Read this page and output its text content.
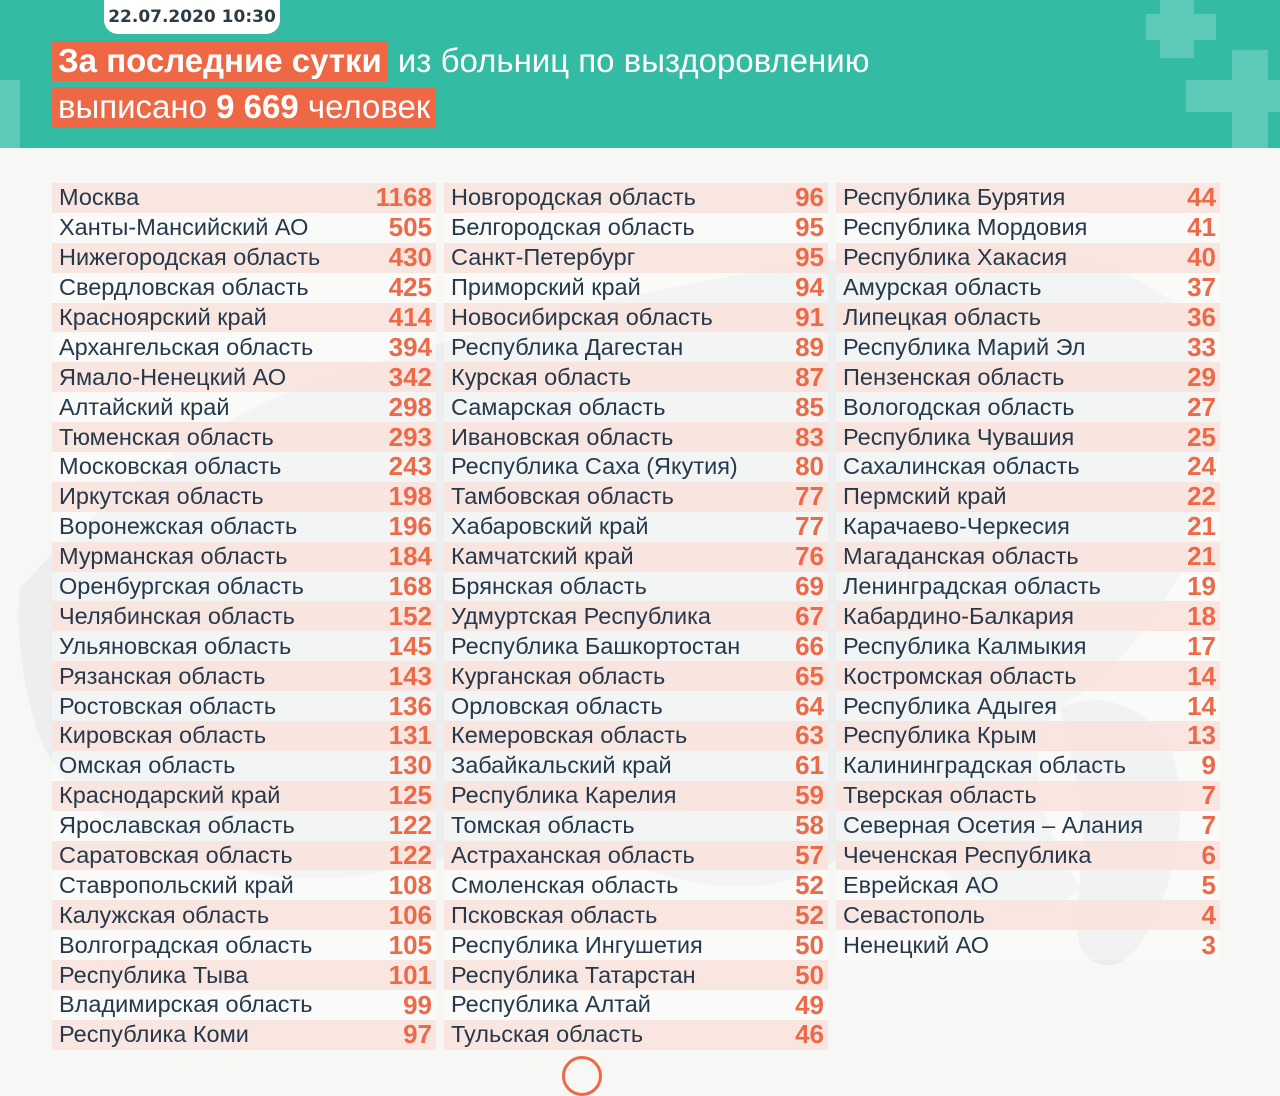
22.07.2020 10:30
За последние сутки из больниц по выздоровлению
выписано 9 669 человек
Москва	1168
Ханты-Мансийский АО	505
Нижегородская область	430
Свердловская область	425
Красноярский край	414
Архангельская область	394
Ямало-Ненецкий АО	342
Алтайский край	298
Тюменская область	293
Московская область	243
Иркутская область	198
Воронежская область	196
Мурманская область	184
Оренбургская область	168
Челябинская область	152
Ульяновская область	145
Рязанская область	143
Ростовская область	136
Кировская область	131
Омская область	130
Краснодарский край	125
Ярославская область	122
Саратовская область	122
Ставропольский край	108
Калужская область	106
Волгоградская область	105
Республика Тыва	101
Владимирская область	99
Республика Коми	97
Новгородская область	96
Белгородская область	95
Санкт-Петербург	95
Приморский край	94
Новосибирская область	91
Республика Дагестан	89
Курская область	87
Самарская область	85
Ивановская область	83
Республика Саха (Якутия) 80
Тамбовская область	77
Хабаровский край	77
Камчатский край	76
Брянская область	69
Удмуртская Республика	67
Республика Башкортостан 66
Курганская область	65
Орловская область	64
Кемеровская область	63
Забайкальский край	61
Республика Карелия	59
Томская область	58
Астраханская область	57
Смоленская область	52
Псковская область	52
Республика Ингушетия	50
Республика Татарстан	50
Республика Алтай	49
Тульская область	46
Республика Бурятия	44
Республика Мордовия	41
Республика Хакасия	40
Амурская область	37
Липецкая область	36
Республика Марий Эл	33
Пензенская область	29
Вологодская область	27
Республика Чувашия	25
Сахалинская область	24
Пермский край	22
Карачаево-Черкесия	21
Магаданская область	21
Ленинградская область	19
Кабардино-Балкария	18
Республика Калмыкия	17
Костромская область	14
Республика Адыгея	14
Республика Крым	13
Калининградская область	9
Тверская область	7
Северная Осетия – Алания 7
Чеченская Республика	6
Еврейская АО	5
Севастополь	4
Ненецкий АО	3
